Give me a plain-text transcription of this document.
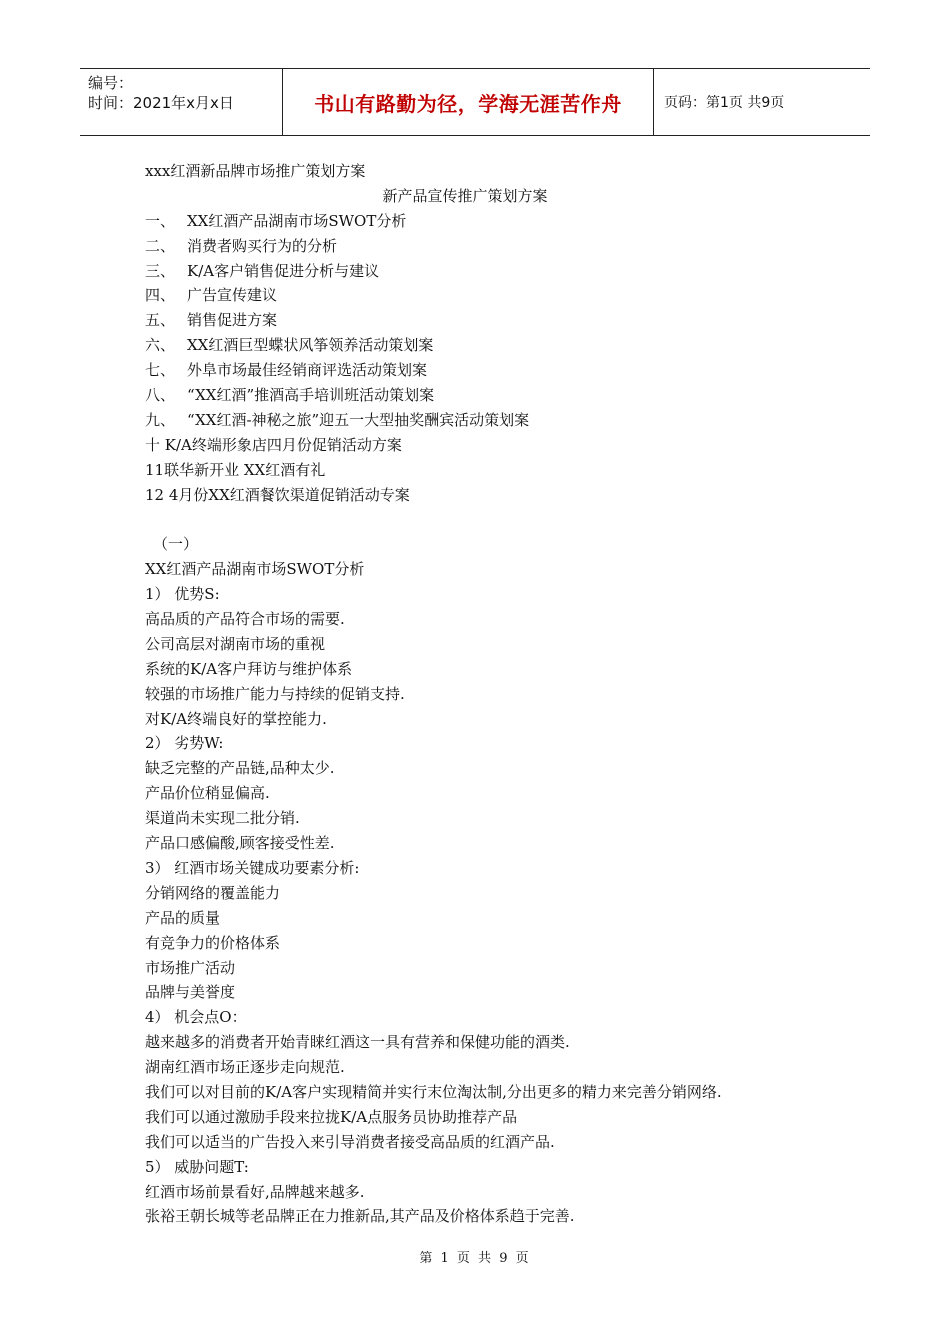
编号：
时间：2021年x月x日	书山有路勤为径，学海无涯苦作舟	页码：第1页 共9页
xxx红酒新品牌市场推广策划方案
新产品宣传推广策划方案
一、 XX红酒产品湖南市场SWOT分析
二、 消费者购买行为的分析
三、 K/A客户销售促进分析与建议
四、 广告宣传建议
五、 销售促进方案
六、 XX红酒巨型蝶状风筝领养活动策划案
七、 外阜市场最佳经销商评选活动策划案
八、 “XX红酒”推酒高手培训班活动策划案
九、 “XX红酒-神秘之旅”迎五一大型抽奖酬宾活动策划案
十 K/A终端形象店四月份促销活动方案
11联华新开业 XX红酒有礼
12 4月份XX红酒餐饮渠道促销活动专案
（一）
XX红酒产品湖南市场SWOT分析
1） 优势S:
高品质的产品符合市场的需要.
公司高层对湖南市场的重视
系统的K/A客户拜访与维护体系
较强的市场推广能力与持续的促销支持.
对K/A终端良好的掌控能力.
2） 劣势W:
缺乏完整的产品链,品种太少.
产品价位稍显偏高.
渠道尚未实现二批分销.
产品口感偏酸,顾客接受性差.
3） 红酒市场关键成功要素分析:
分销网络的覆盖能力
产品的质量
有竞争力的价格体系
市场推广活动
品牌与美誉度
4） 机会点O：
越来越多的消费者开始青睐红酒这一具有营养和保健功能的酒类.
湖南红酒市场正逐步走向规范.
我们可以对目前的K/A客户实现精简并实行末位淘汰制,分出更多的精力来完善分销网络.
我们可以通过激励手段来拉拢K/A点服务员协助推荐产品
我们可以适当的广告投入来引导消费者接受高品质的红酒产品.
5） 威胁问题T:
红酒市场前景看好,品牌越来越多.
张裕王朝长城等老品牌正在力推新品,其产品及价格体系趋于完善.
第 1 页 共 9 页
